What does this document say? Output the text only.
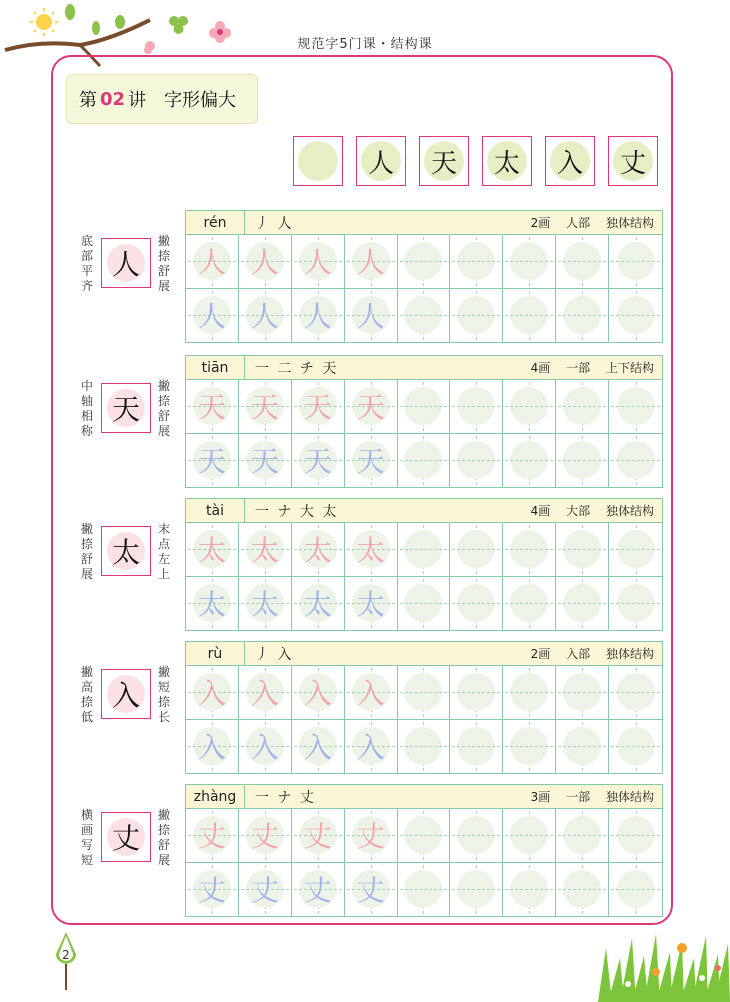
规范字5门课・结构课
第 02 讲 字形偏大
人 天 太 入 丈
底部平齐
人
撇捺舒展
rén	丿 人	2画 人部 独体结构
人 人 人 人
人 人 人 人
中轴相称
天
撇捺舒展
tiān	一 二 チ 天	4画 一部 上下结构
天 天 天 天
天 天 天 天
撇捺舒展
太
末点左上
tài	一 ナ 大 太	4画 大部 独体结构
太 太 太 太
太 太 太 太
撇高捺低
入
撇短捺长
rù	丿 入	2画 入部 独体结构
入 入 入 入
入 入 入 入
横画写短
丈
撇捺舒展
zhàng	一 ナ 丈	3画 一部 独体结构
丈 丈 丈 丈
丈 丈 丈 丈
2
